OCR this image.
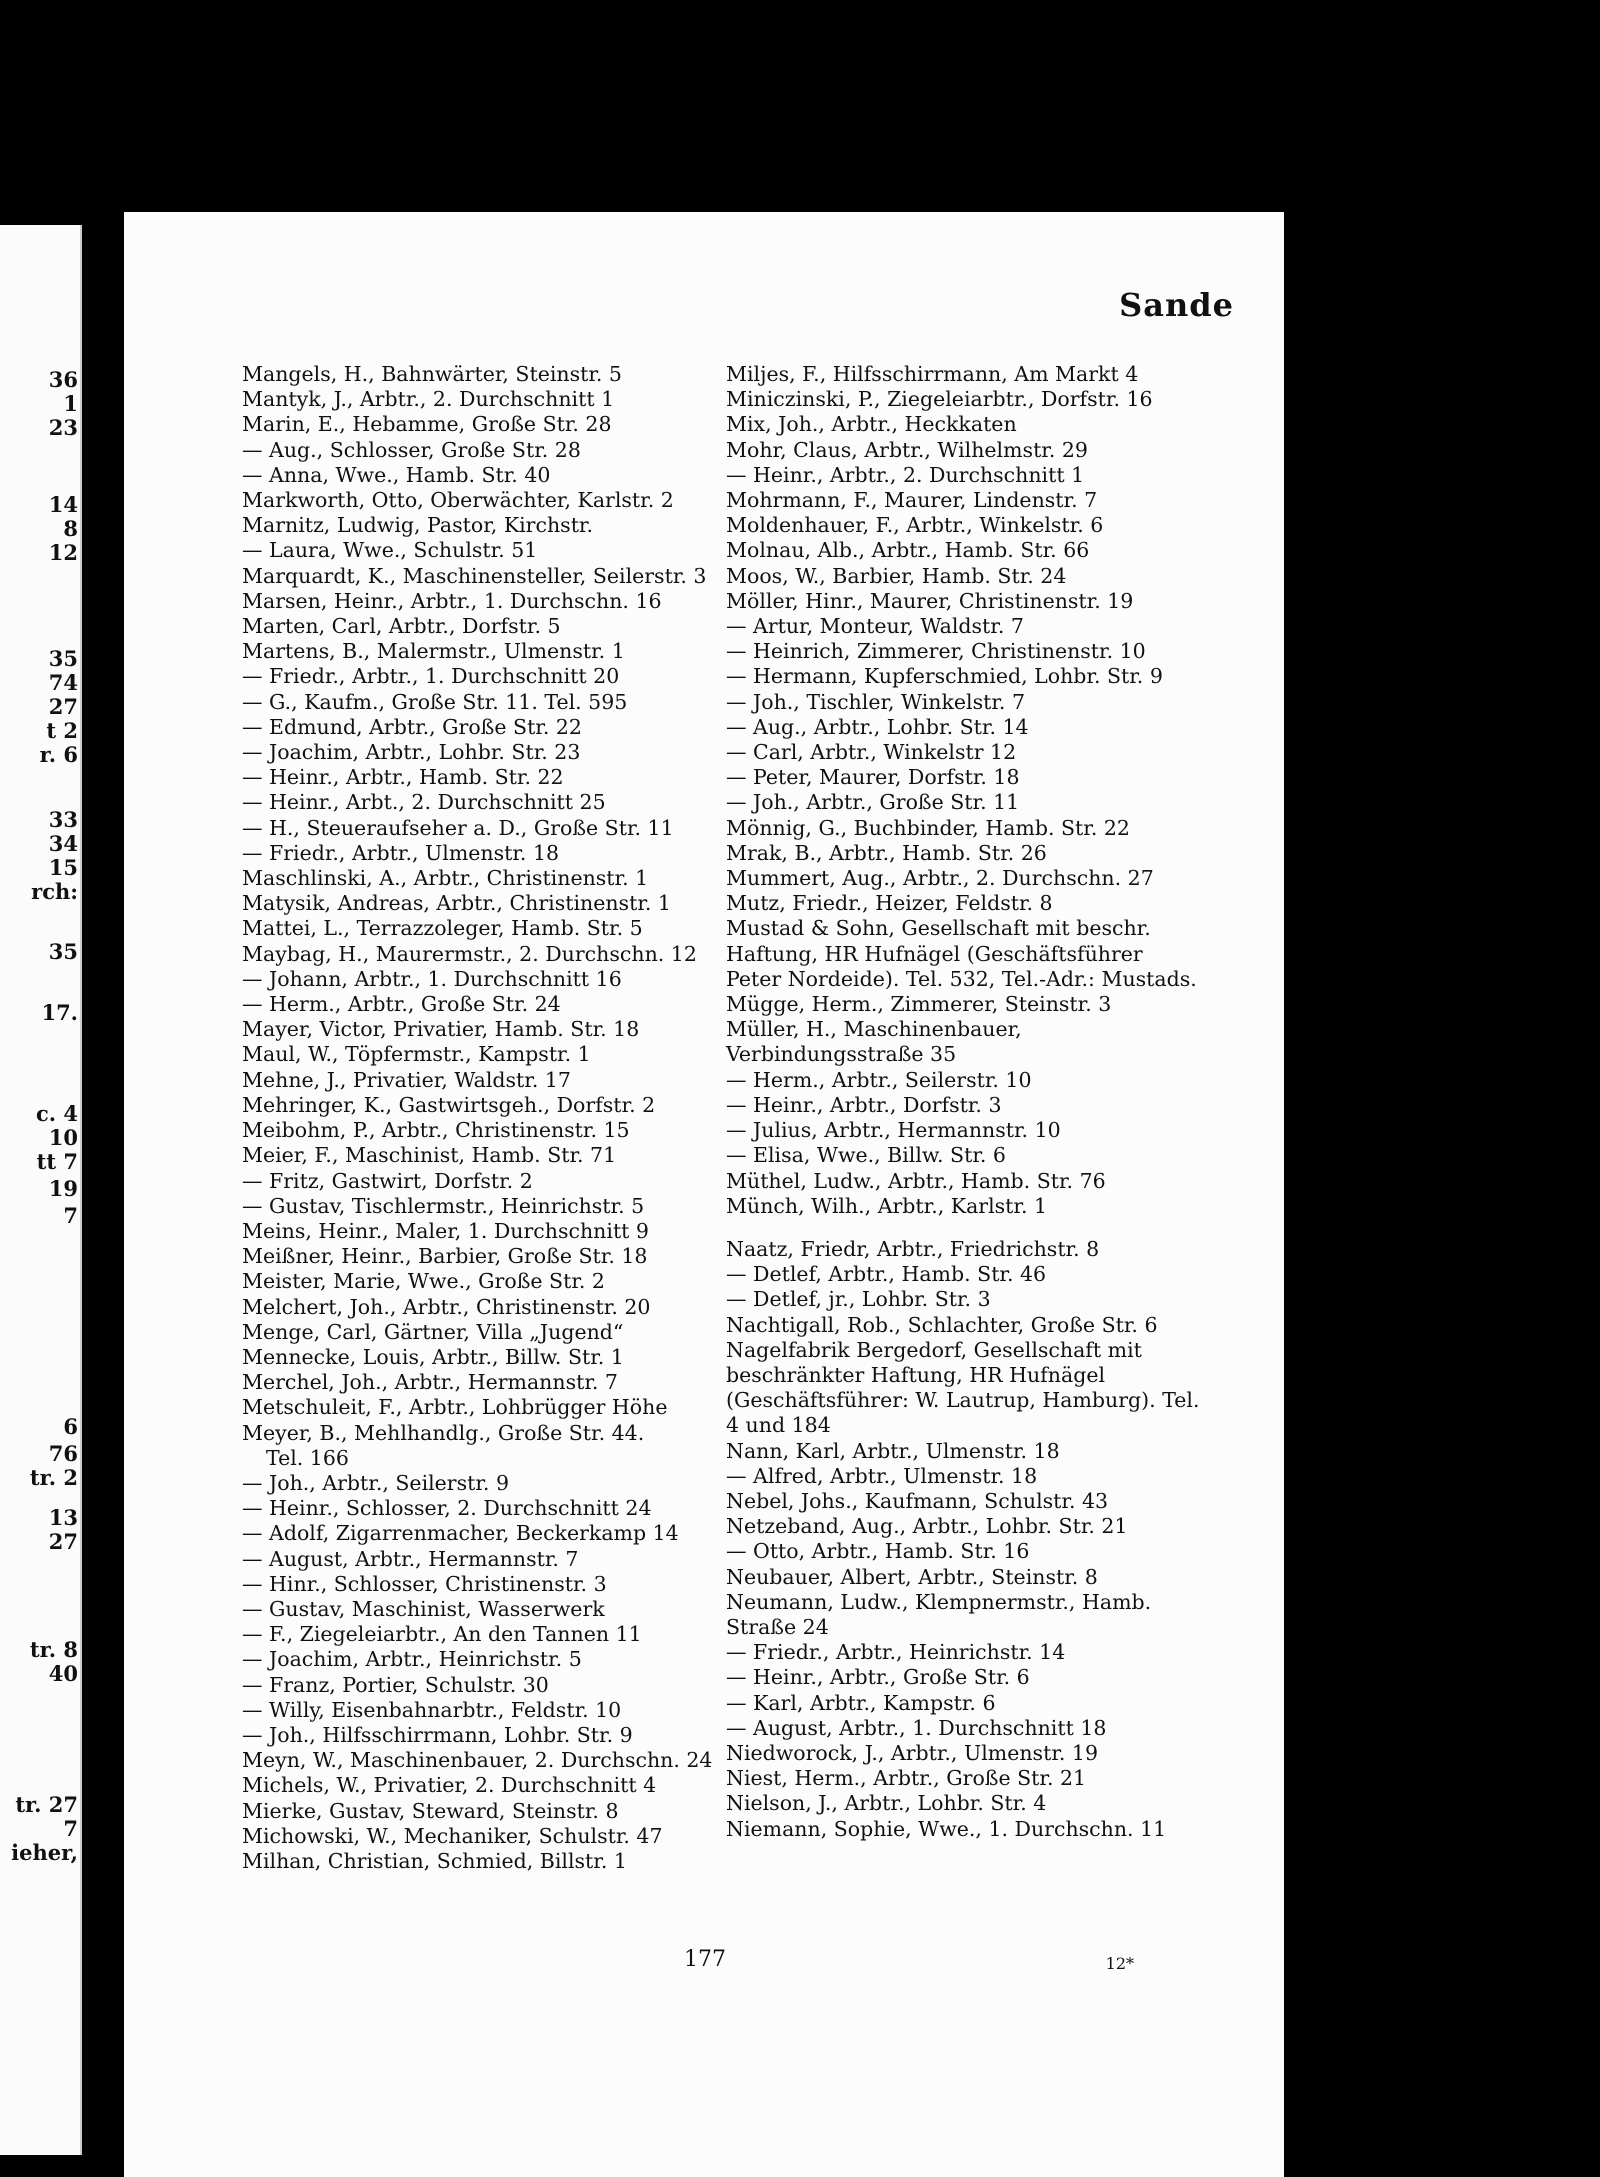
36
1
23
14
8
12
35
74
27
t 2
r. 6
33
34
15
rch:
35
17.
c. 4
10
tt 7
19
7
6
76
tr. 2
13
27
tr. 8
40
tr. 27
7
ieher,
Sande
Mangels, H., Bahnwärter, Steinstr. 5
Mantyk, J., Arbtr., 2. Durchschnitt 1
Marin, E., Hebamme, Große Str. 28
— Aug., Schlosser, Große Str. 28
— Anna, Wwe., Hamb. Str. 40
Markworth, Otto, Oberwächter, Karlstr. 2
Marnitz, Ludwig, Pastor, Kirchstr.
— Laura, Wwe., Schulstr. 51
Marquardt, K., Maschinensteller, Seilerstr. 3
Marsen, Heinr., Arbtr., 1. Durchschn. 16
Marten, Carl, Arbtr., Dorfstr. 5
Martens, B., Malermstr., Ulmenstr. 1
— Friedr., Arbtr., 1. Durchschnitt 20
— G., Kaufm., Große Str. 11. Tel. 595
— Edmund, Arbtr., Große Str. 22
— Joachim, Arbtr., Lohbr. Str. 23
— Heinr., Arbtr., Hamb. Str. 22
— Heinr., Arbt., 2. Durchschnitt 25
— H., Steueraufseher a. D., Große Str. 11
— Friedr., Arbtr., Ulmenstr. 18
Maschlinski, A., Arbtr., Christinenstr. 1
Matysik, Andreas, Arbtr., Christinenstr. 1
Mattei, L., Terrazzoleger, Hamb. Str. 5
Maybag, H., Maurermstr., 2. Durchschn. 12
— Johann, Arbtr., 1. Durchschnitt 16
— Herm., Arbtr., Große Str. 24
Mayer, Victor, Privatier, Hamb. Str. 18
Maul, W., Töpfermstr., Kampstr. 1
Mehne, J., Privatier, Waldstr. 17
Mehringer, K., Gastwirtsgeh., Dorfstr. 2
Meibohm, P., Arbtr., Christinenstr. 15
Meier, F., Maschinist, Hamb. Str. 71
— Fritz, Gastwirt, Dorfstr. 2
— Gustav, Tischlermstr., Heinrichstr. 5
Meins, Heinr., Maler, 1. Durchschnitt 9
Meißner, Heinr., Barbier, Große Str. 18
Meister, Marie, Wwe., Große Str. 2
Melchert, Joh., Arbtr., Christinenstr. 20
Menge, Carl, Gärtner, Villa „Jugend“
Mennecke, Louis, Arbtr., Billw. Str. 1
Merchel, Joh., Arbtr., Hermannstr. 7
Metschuleit, F., Arbtr., Lohbrügger Höhe
Meyer, B., Mehlhandlg., Große Str. 44.
Tel. 166
— Joh., Arbtr., Seilerstr. 9
— Heinr., Schlosser, 2. Durchschnitt 24
— Adolf, Zigarrenmacher, Beckerkamp 14
— August, Arbtr., Hermannstr. 7
— Hinr., Schlosser, Christinenstr. 3
— Gustav, Maschinist, Wasserwerk
— F., Ziegeleiarbtr., An den Tannen 11
— Joachim, Arbtr., Heinrichstr. 5
— Franz, Portier, Schulstr. 30
— Willy, Eisenbahnarbtr., Feldstr. 10
— Joh., Hilfsschirrmann, Lohbr. Str. 9
Meyn, W., Maschinenbauer, 2. Durchschn. 24
Michels, W., Privatier, 2. Durchschnitt 4
Mierke, Gustav, Steward, Steinstr. 8
Michowski, W., Mechaniker, Schulstr. 47
Milhan, Christian, Schmied, Billstr. 1
Miljes, F., Hilfsschirrmann, Am Markt 4
Miniczinski, P., Ziegeleiarbtr., Dorfstr. 16
Mix, Joh., Arbtr., Heckkaten
Mohr, Claus, Arbtr., Wilhelmstr. 29
— Heinr., Arbtr., 2. Durchschnitt 1
Mohrmann, F., Maurer, Lindenstr. 7
Moldenhauer, F., Arbtr., Winkelstr. 6
Molnau, Alb., Arbtr., Hamb. Str. 66
Moos, W., Barbier, Hamb. Str. 24
Möller, Hinr., Maurer, Christinenstr. 19
— Artur, Monteur, Waldstr. 7
— Heinrich, Zimmerer, Christinenstr. 10
— Hermann, Kupferschmied, Lohbr. Str. 9
— Joh., Tischler, Winkelstr. 7
— Aug., Arbtr., Lohbr. Str. 14
— Carl, Arbtr., Winkelstr 12
— Peter, Maurer, Dorfstr. 18
— Joh., Arbtr., Große Str. 11
Mönnig, G., Buchbinder, Hamb. Str. 22
Mrak, B., Arbtr., Hamb. Str. 26
Mummert, Aug., Arbtr., 2. Durchschn. 27
Mutz, Friedr., Heizer, Feldstr. 8
Mustad & Sohn, Gesellschaft mit beschr. Haftung, HR Hufnägel (Geschäftsführer Peter Nordeide). Tel. 532, Tel.-Adr.: Mustads.
Mügge, Herm., Zimmerer, Steinstr. 3
Müller, H., Maschinenbauer, Verbindungsstraße 35
— Herm., Arbtr., Seilerstr. 10
— Heinr., Arbtr., Dorfstr. 3
— Julius, Arbtr., Hermannstr. 10
— Elisa, Wwe., Billw. Str. 6
Müthel, Ludw., Arbtr., Hamb. Str. 76
Münch, Wilh., Arbtr., Karlstr. 1
Naatz, Friedr, Arbtr., Friedrichstr. 8
— Detlef, Arbtr., Hamb. Str. 46
— Detlef, jr., Lohbr. Str. 3
Nachtigall, Rob., Schlachter, Große Str. 6
Nagelfabrik Bergedorf, Gesellschaft mit beschränkter Haftung, HR Hufnägel (Geschäftsführer: W. Lautrup, Hamburg). Tel. 4 und 184
Nann, Karl, Arbtr., Ulmenstr. 18
— Alfred, Arbtr., Ulmenstr. 18
Nebel, Johs., Kaufmann, Schulstr. 43
Netzeband, Aug., Arbtr., Lohbr. Str. 21
— Otto, Arbtr., Hamb. Str. 16
Neubauer, Albert, Arbtr., Steinstr. 8
Neumann, Ludw., Klempnermstr., Hamb. Straße 24
— Friedr., Arbtr., Heinrichstr. 14
— Heinr., Arbtr., Große Str. 6
— Karl, Arbtr., Kampstr. 6
— August, Arbtr., 1. Durchschnitt 18
Niedworock, J., Arbtr., Ulmenstr. 19
Niest, Herm., Arbtr., Große Str. 21
Nielson, J., Arbtr., Lohbr. Str. 4
Niemann, Sophie, Wwe., 1. Durchschn. 11
177	12*
